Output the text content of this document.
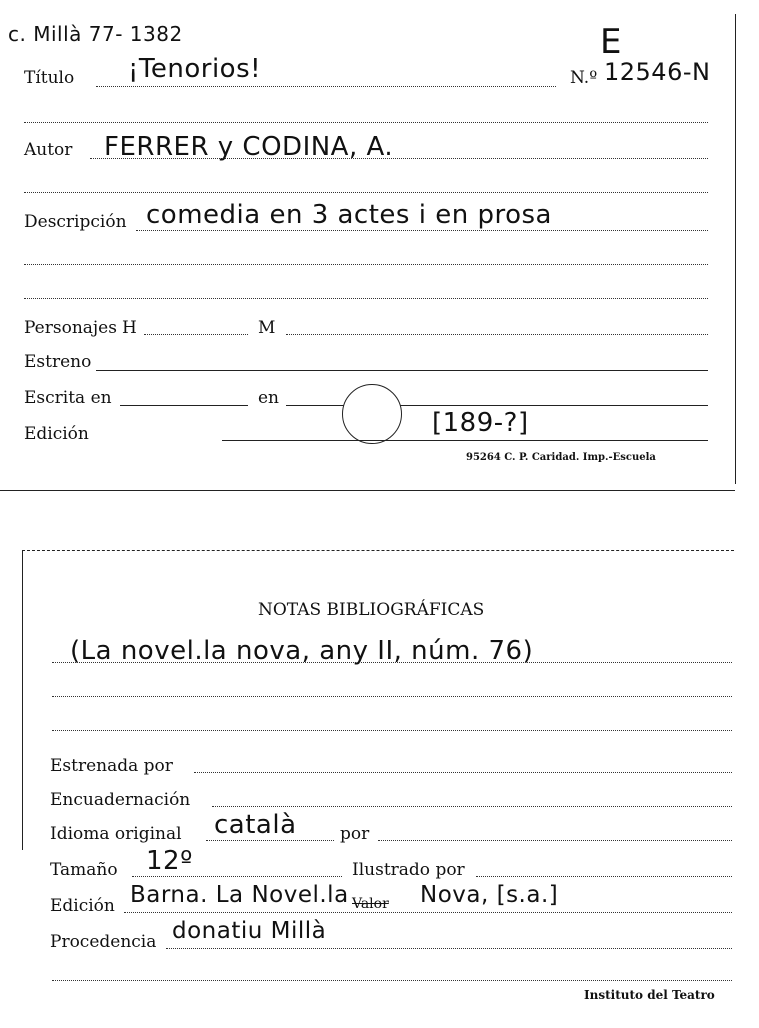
c. Millà 77- 1382	E
Título ¡Tenorios!	N.º 12546-N
Autor FERRER y CODINA, A.
Descripción comedia en 3 actes i en prosa
Personajes H	M
Estreno
Escrita en	en
Edición	[189-?]
95264 C. P. Caridad. Imp.-Escuela
NOTAS BIBLIOGRÁFICAS
(La novel.la nova, any II, núm. 76)
Estrenada por
Encuadernación
Idioma original català	por
Tamaño 12º	Ilustrado por
Edición Barna. La Novel.la Valor Nova, [s.a.]
Procedencia donatiu Millà
Instituto del Teatro
